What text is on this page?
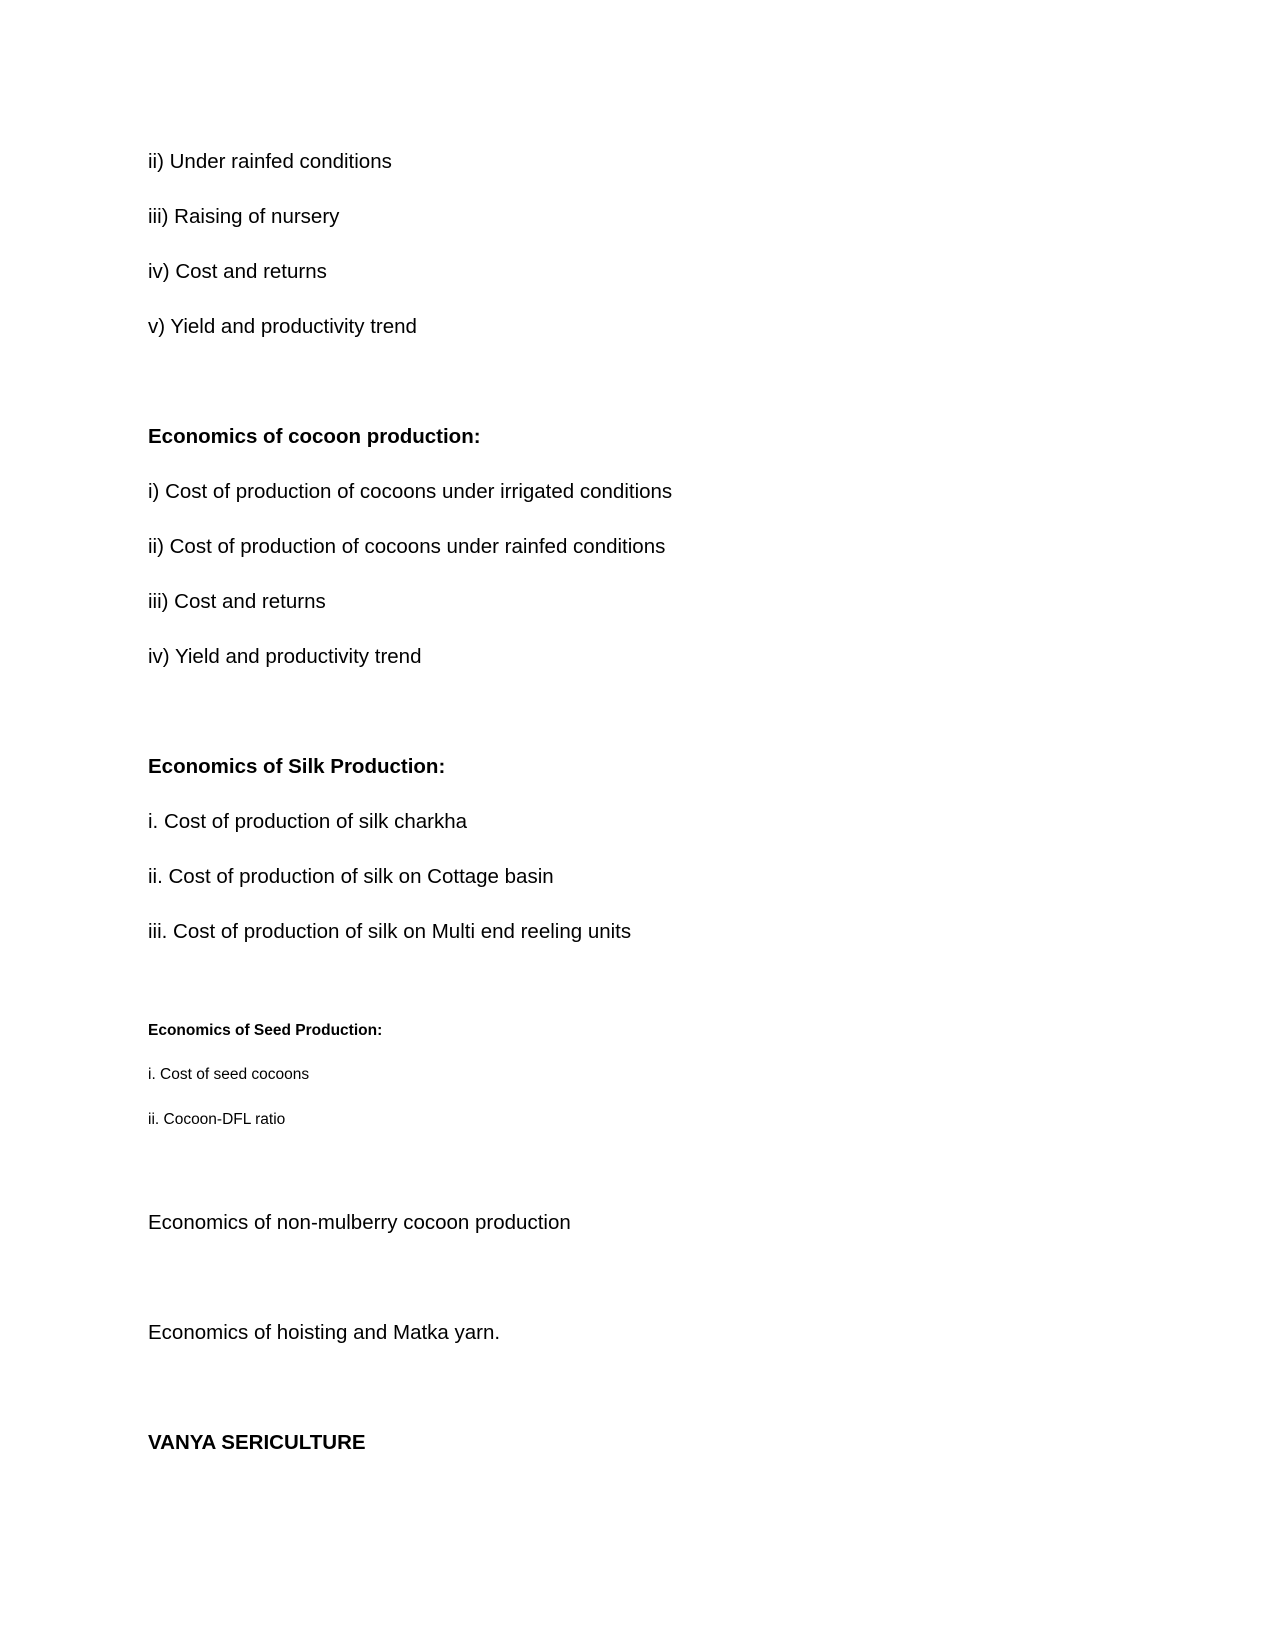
ii) Under rainfed conditions
iii) Raising of nursery
iv) Cost and returns
v) Yield and productivity trend
Economics of cocoon production:
i) Cost of production of cocoons under irrigated conditions
ii) Cost of production of cocoons under rainfed conditions
iii) Cost and returns
iv) Yield and productivity trend
Economics of Silk Production:
i. Cost of production of silk charkha
ii. Cost of production of silk on Cottage basin
iii. Cost of production of silk on Multi end reeling units
Economics of Seed Production:
i. Cost of seed cocoons
ii. Cocoon-DFL ratio
Economics of non-mulberry cocoon production
Economics of hoisting and Matka yarn.
VANYA SERICULTURE
